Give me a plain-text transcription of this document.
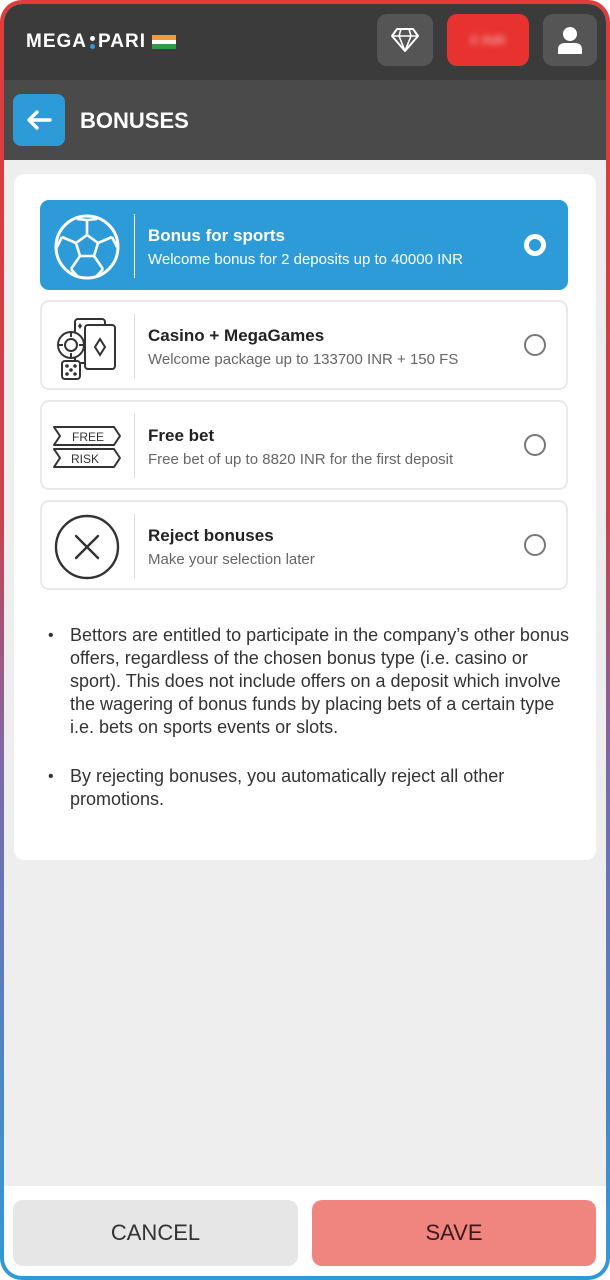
MEGA PARI	0 INR
BONUSES
Bonus for sports
Welcome bonus for 2 deposits up to 40000 INR
Casino + MegaGames
Welcome package up to 133700 INR + 150 FS
FREE
RISK
Free bet
Free bet of up to 8820 INR for the first deposit
Reject bonuses
Make your selection later
• Bettors are entitled to participate in the company’s other bonus offers, regardless of the chosen bonus type (i.e. casino or sport). This does not include offers on a deposit which involve the wagering of bonus funds by placing bets of a certain type i.e. bets on sports events or slots.
• By rejecting bonuses, you automatically reject all other promotions.
CANCEL	SAVE
